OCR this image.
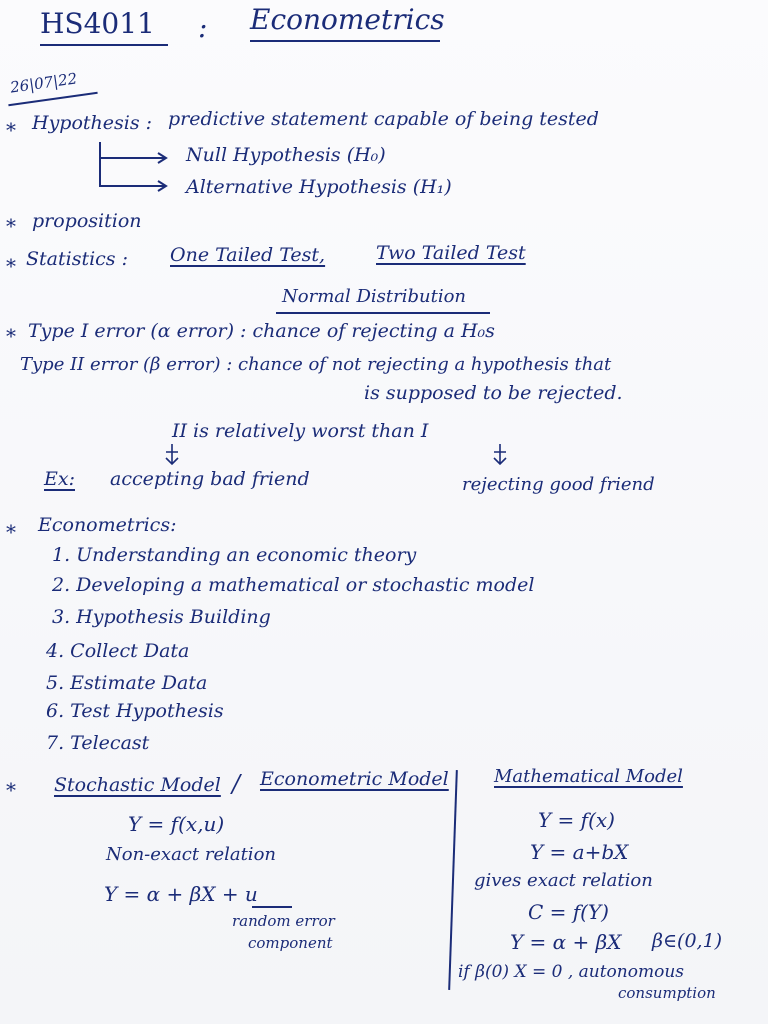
HS4011 : Econometrics
26|07|22
* Hypothesis : predictive statement capable of being tested
Null Hypothesis (H₀)
Alternative Hypothesis (H₁)
* proposition
* Statistics : One Tailed Test,	Two Tailed Test
Normal Distribution
* Type I error (α error) : chance of rejecting a H₀s
Type II error (β error) : chance of not rejecting a hypothesis that
is supposed to be rejected.
II is relatively worst than I
Ex: accepting bad friend	rejecting good friend
* Econometrics:
1. Understanding an economic theory
2. Developing a mathematical or stochastic model
3. Hypothesis Building
4. Collect Data
5. Estimate Data
6. Test Hypothesis
7. Telecast
* Stochastic Model / Econometric Model
Y = f(x,u)
Non-exact relation
Y = α + βX + u
random error
component
Mathematical Model
Y = f(x)
Y = a+bX
gives exact relation
C = f(Y)
Y = α + βX β∈(0,1)
if β(0) X = 0 , autonomous
consumption
